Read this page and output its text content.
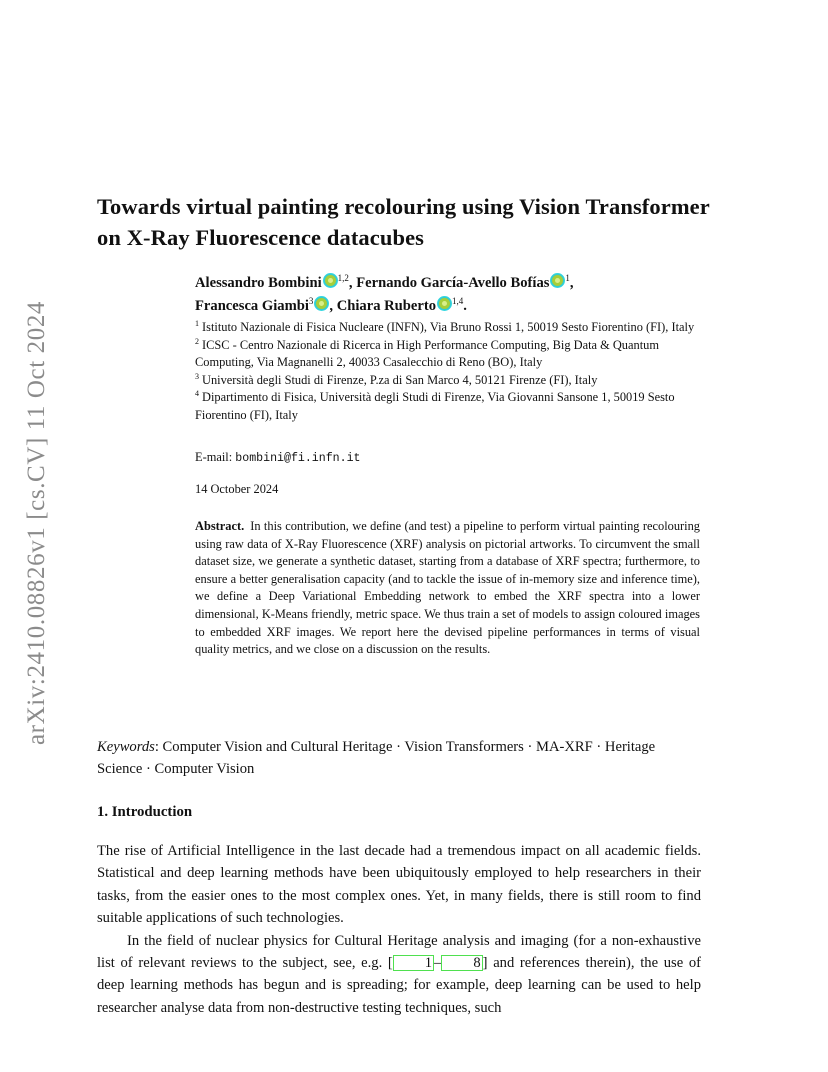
arXiv:2410.08826v1 [cs.CV] 11 Oct 2024
Towards virtual painting recolouring using Vision Transformer on X-Ray Fluorescence datacubes
Alessandro Bombini $^{1,2}$, Fernando García-Avello Bofías $^1$,
Francesca Giambi$^3$ , Chiara Ruberto $^{1,4}$.

$^1$ Istituto Nazionale di Fisica Nucleare (INFN), Via Bruno Rossi 1, 50019 Sesto Fiorentino (FI), Italy

$^2$ ICSC - Centro Nazionale di Ricerca in High Performance Computing, Big Data & Quantum Computing, Via Magnanelli 2, 40033 Casalecchio di Reno (BO), Italy

$^3$ Università degli Studi di Firenze, P.za di San Marco 4, 50121 Firenze (FI), Italy

$^4$ Dipartimento di Fisica, Università degli Studi di Firenze, Via Giovanni Sansone 1, 50019 Sesto Fiorentino (FI), Italy

E-mail: bombini@fi.infn.it
14 October 2024

Abstract. In this contribution, we define (and test) a pipeline to perform virtual painting recolouring using raw data of X-Ray Fluorescence (XRF) analysis on pictorial artworks. To circumvent the small dataset size, we generate a synthetic dataset, starting from a database of XRF spectra; furthermore, to ensure a better generalisation capacity (and to tackle the issue of in-memory size and inference time), we define a Deep Variational Embedding network to embed the XRF spectra into a lower dimensional, K-Means friendly, metric space. We thus train a set of models to assign coloured images to embedded XRF images. We report here the devised pipeline performances in terms of visual quality metrics, and we close on a discussion on the results.

Keywords: Computer Vision and Cultural Heritage · Vision Transformers · MA-XRF · Heritage Science · Computer Vision

1. Introduction

The rise of Artificial Intelligence in the last decade had a tremendous impact on all academic fields. Statistical and deep learning methods have been ubiquitously employed to help researchers in their tasks, from the easier ones to the most complex ones. Yet, in many fields, there is still room to find suitable applications of such technologies.

In the field of nuclear physics for Cultural Heritage analysis and imaging (for a non-exhaustive list of relevant reviews to the subject, see, e.g. [ 1 – 8 ] and references therein), the use of deep learning methods has begun and is spreading; for example, deep learning can be used to help researcher analyse data from non-destructive testing techniques, such
